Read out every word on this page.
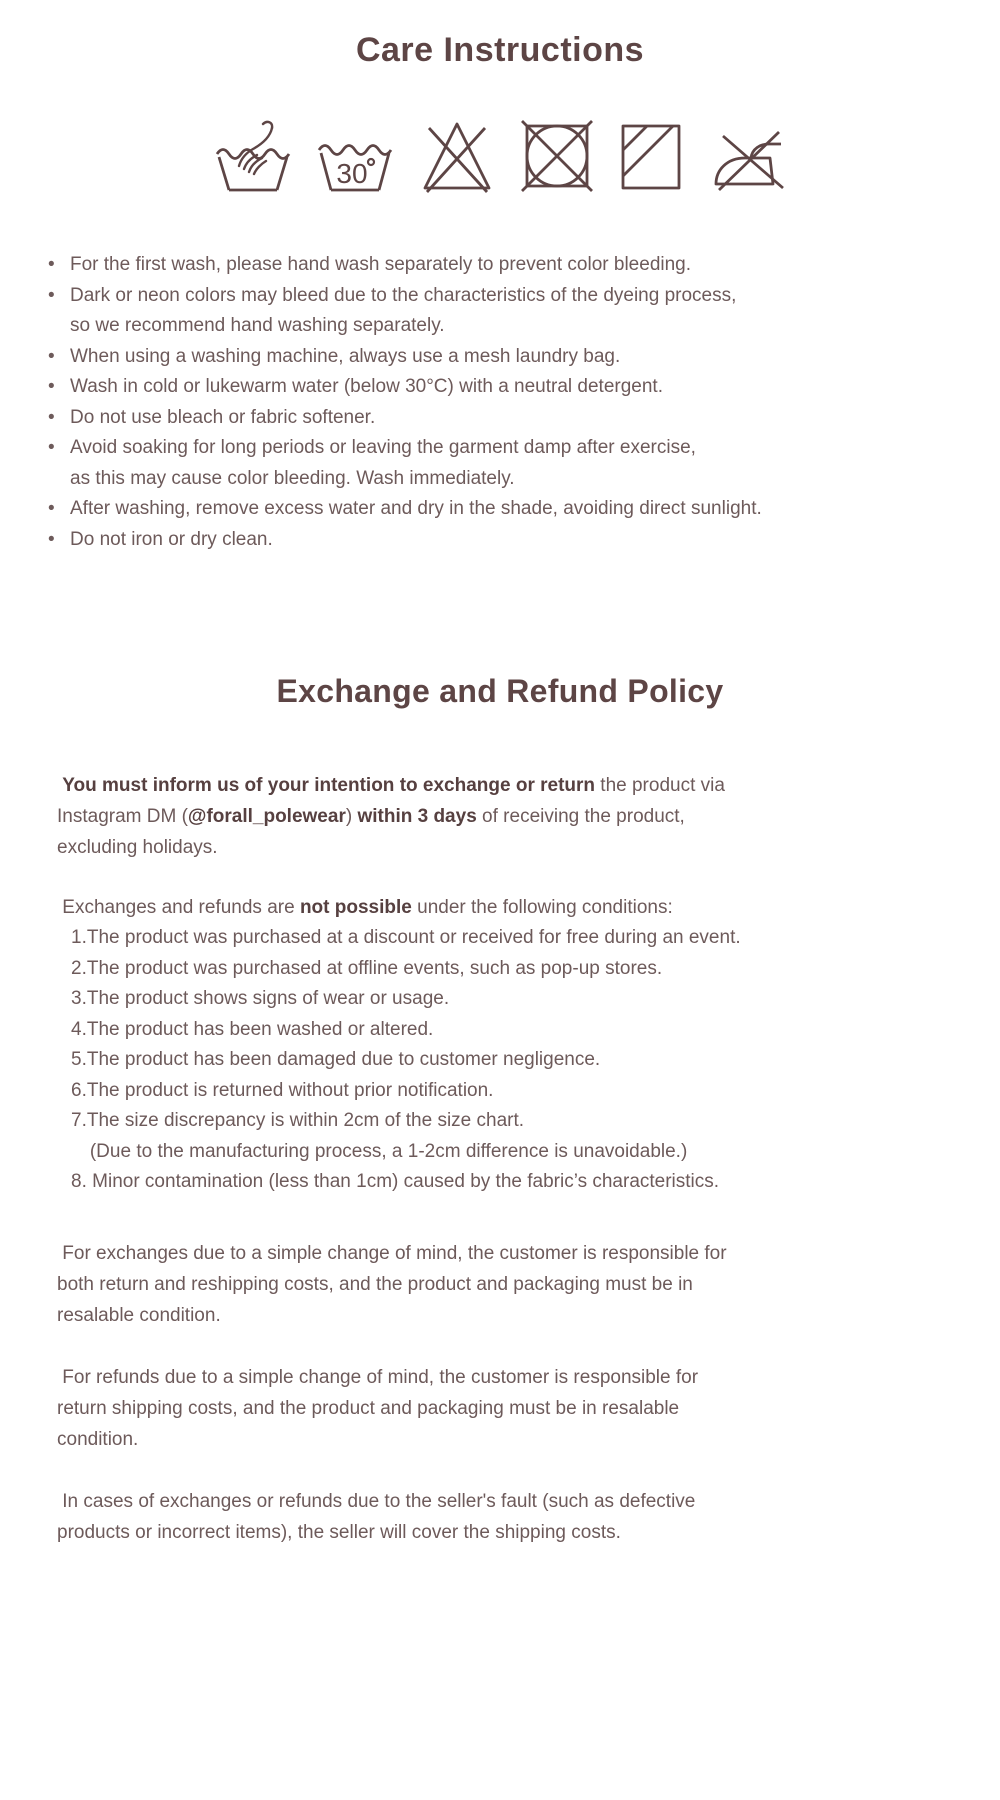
Care Instructions
30
• For the first wash, please hand wash separately to prevent color bleeding.
• Dark or neon colors may bleed due to the characteristics of the dyeing process,
so we recommend hand washing separately.
• When using a washing machine, always use a mesh laundry bag.
• Wash in cold or lukewarm water (below 30°C) with a neutral detergent.
• Do not use bleach or fabric softener.
• Avoid soaking for long periods or leaving the garment damp after exercise,
as this may cause color bleeding. Wash immediately.
• After washing, remove excess water and dry in the shade, avoiding direct sunlight.
• Do not iron or dry clean.
Exchange and Refund Policy

You must inform us of your intention to exchange or return the product via
Instagram DM (@forall_polewear) within 3 days of receiving the product,
excluding holidays.

Exchanges and refunds are not possible under the following conditions:

1. The product was purchased at a discount or received for free during an event.
2. The product was purchased at offline events, such as pop-up stores.
3. The product shows signs of wear or usage.
4. The product has been washed or altered.
5. The product has been damaged due to customer negligence.
6. The product is returned without prior notification.
7. The size discrepancy is within 2cm of the size chart.
(Due to the manufacturing process, a 1-2cm difference is unavoidable.)
8. Minor contamination (less than 1cm) caused by the fabric’s characteristics.
For exchanges due to a simple change of mind, the customer is responsible for
both return and reshipping costs, and the product and packaging must be in
resalable condition.
For refunds due to a simple change of mind, the customer is responsible for
return shipping costs, and the product and packaging must be in resalable
condition.
In cases of exchanges or refunds due to the seller's fault (such as defective
products or incorrect items), the seller will cover the shipping costs.
